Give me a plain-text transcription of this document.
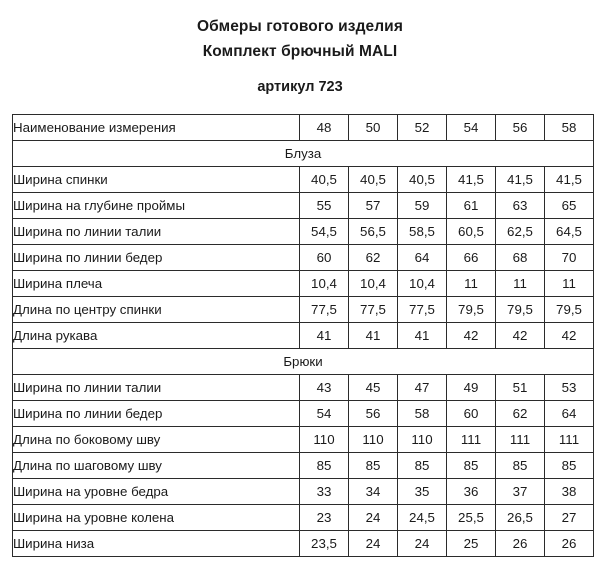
Обмеры готового изделия
Комплект брючный MALI
артикул 723
Наименование измерения	48	50	52	54	56	58
Блуза						
Ширина спинки	40,5	40,5	40,5	41,5	41,5	41,5
Ширина на глубине проймы	55	57	59	61	63	65
Ширина по линии талии	54,5	56,5	58,5	60,5	62,5	64,5
Ширина по линии бедер	60	62	64	66	68	70
Ширина плеча	10,4	10,4	10,4	11	11	11
Длина по центру спинки	77,5	77,5	77,5	79,5	79,5	79,5
Длина рукава	41	41	41	42	42	42
Брюки						
Ширина по линии талии	43	45	47	49	51	53
Ширина по линии бедер	54	56	58	60	62	64
Длина по боковому шву	110	110	110	111	111	111
Длина по шаговому шву	85	85	85	85	85	85
Ширина на уровне бедра	33	34	35	36	37	38
Ширина на уровне колена	23	24	24,5	25,5	26,5	27
Ширина низа	23,5	24	24	25	26	26
